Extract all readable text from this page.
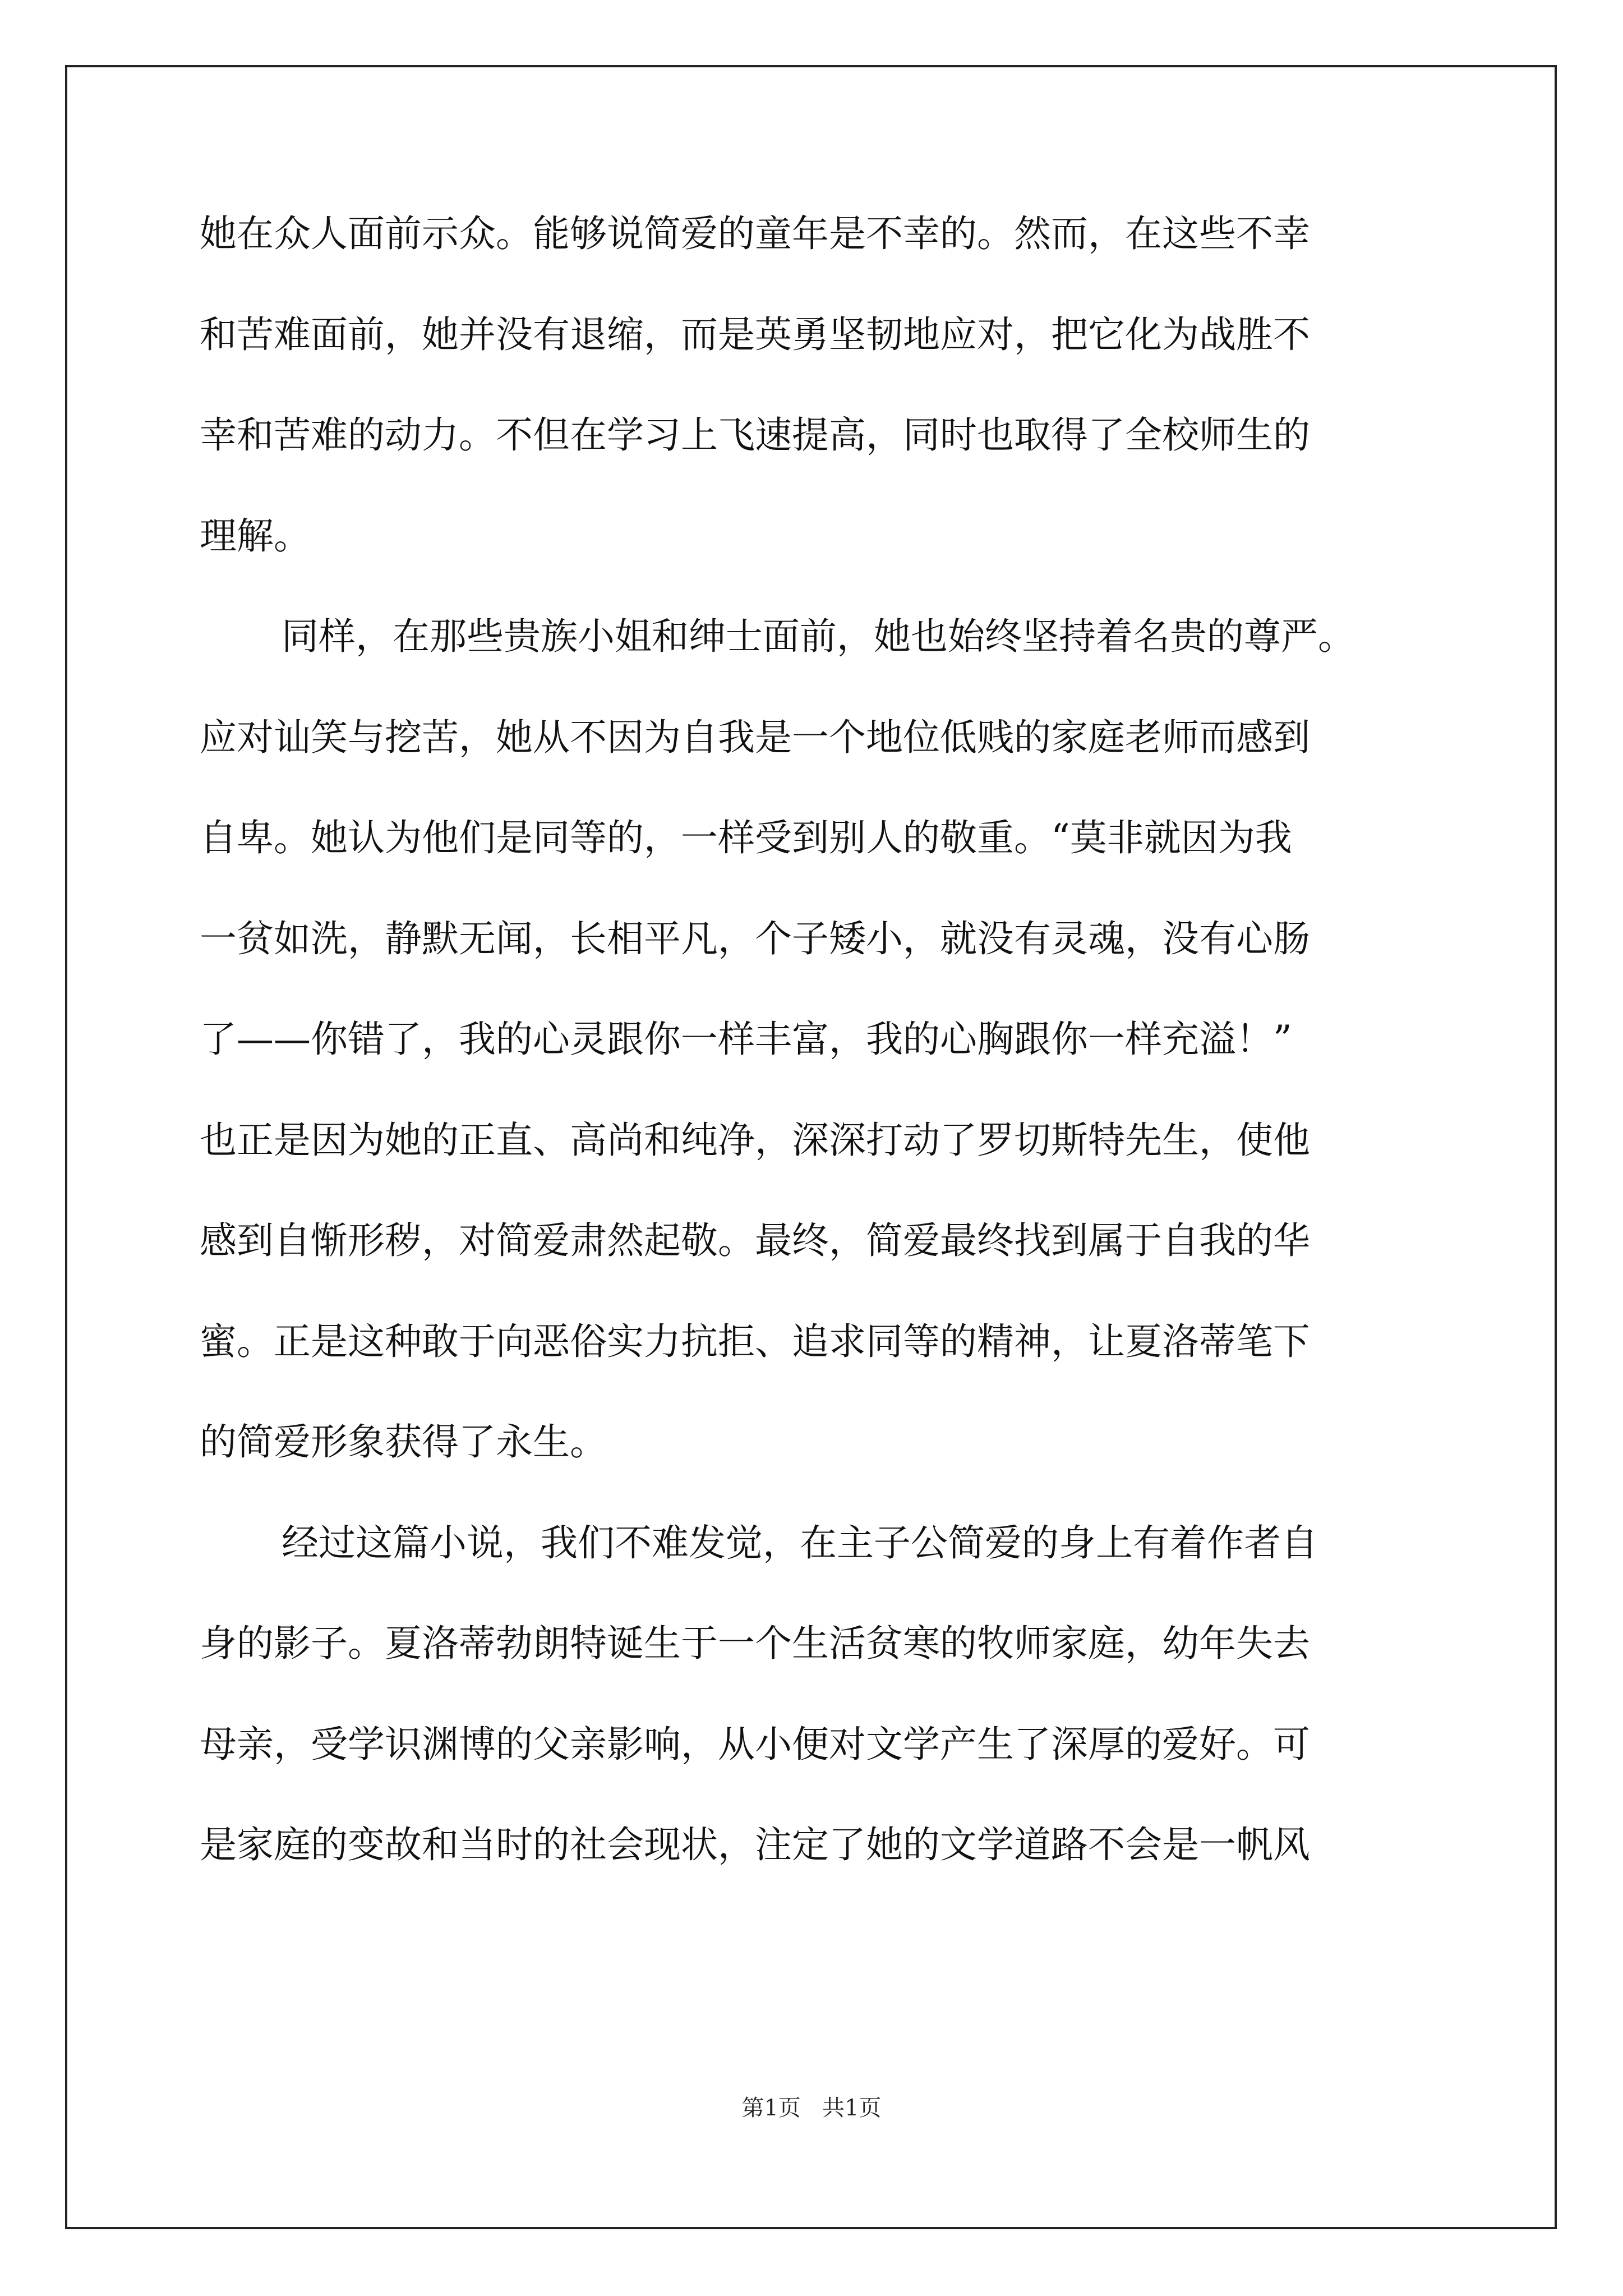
她在众人面前示众。能够说简爱的童年是不幸的。然而，在这些不幸
和苦难面前，她并没有退缩，而是英勇坚韧地应对，把它化为战胜不
幸和苦难的动力。不但在学习上飞速提高，同时也取得了全校师生的
理解。
同样，在那些贵族小姐和绅士面前，她也始终坚持着名贵的尊严。
应对讪笑与挖苦，她从不因为自我是一个地位低贱的家庭老师而感到
自卑。她认为他们是同等的，一样受到别人的敬重。“莫非就因为我
一贫如洗，静默无闻，长相平凡，个子矮小，就没有灵魂，没有心肠
了——你错了，我的心灵跟你一样丰富，我的心胸跟你一样充溢！”
也正是因为她的正直、高尚和纯净，深深打动了罗切斯特先生，使他
感到自惭形秽，对简爱肃然起敬。最终，简爱最终找到属于自我的华
蜜。正是这种敢于向恶俗实力抗拒、追求同等的精神，让夏洛蒂笔下
的简爱形象获得了永生。
经过这篇小说，我们不难发觉，在主子公简爱的身上有着作者自
身的影子。夏洛蒂勃朗特诞生于一个生活贫寒的牧师家庭，幼年失去
母亲，受学识渊博的父亲影响，从小便对文学产生了深厚的爱好。可
是家庭的变故和当时的社会现状，注定了她的文学道路不会是一帆风
第1页   共1页
